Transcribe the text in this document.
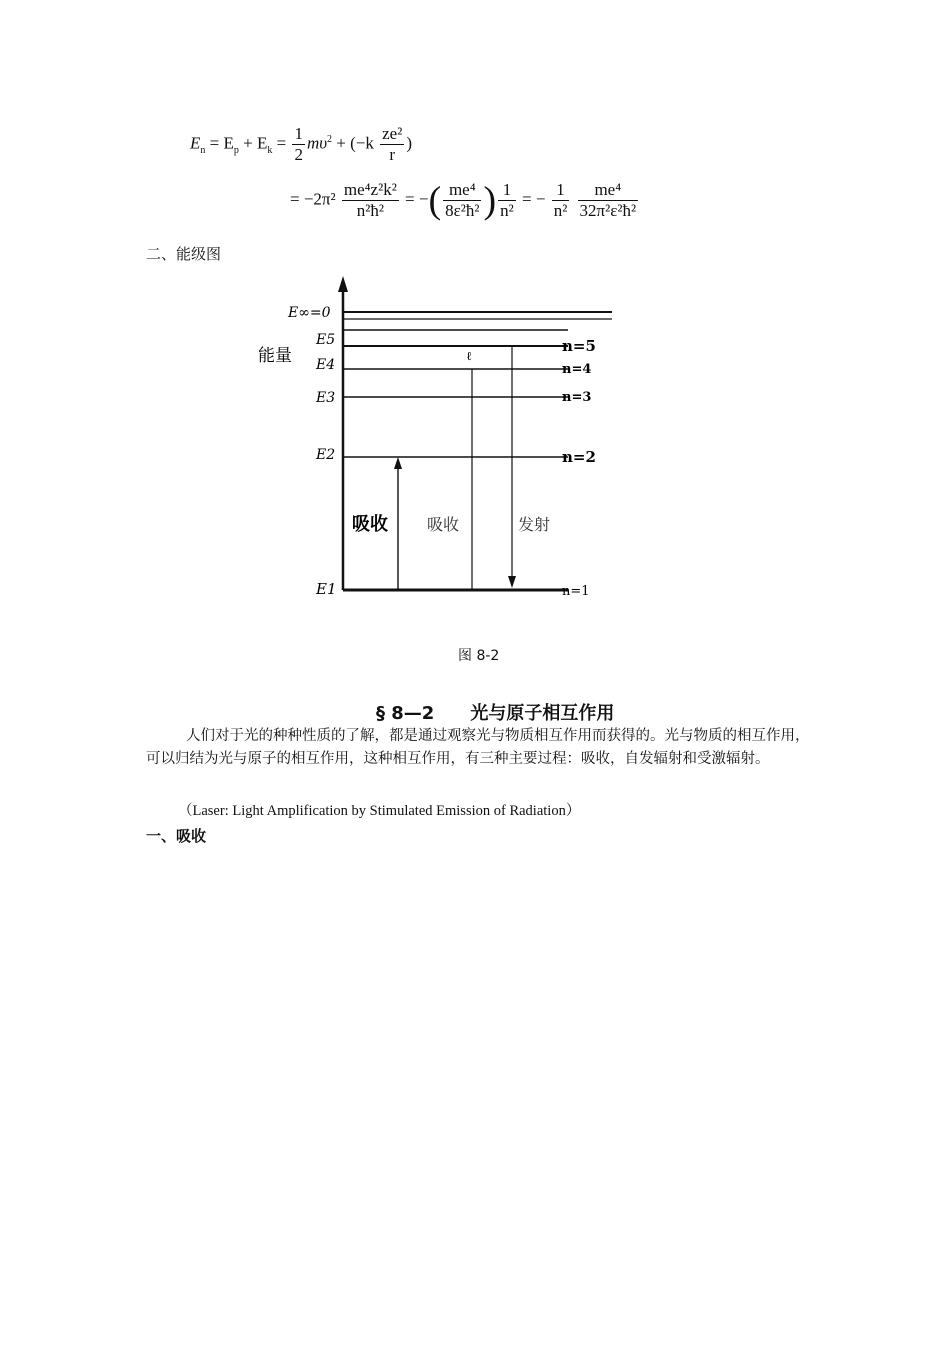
$E_n = E_p + E_k = \frac{1}{2} m\upsilon^2 + (-k \frac{\text{ze²}}{r}$ )
= $-2\pi^2 \frac{\text{me⁴z²k²}}{\text{n²ħ²}}$ = −( $\frac{\text{me⁴}}{\text{8ε²ħ²}}$ ) $\frac{1}{\text{n²}}$ = − $\frac{1}{\text{n²}}$
$\frac{\text{me⁴}}{\text{32π²ε²ħ²}}$
二、能级图
能量
E∞=0
E5
E4
E3
E2
E1
n=5
n=4
n=3
n=2
n=1
ℓ
吸收 吸收	发射
图 8-2
§ 8—2　　光与原子相互作用
人们对于光的种种性质的了解，都是通过观察光与物质相互作用而获得的。光与物质的相互作用，可以归结为光与原子的相互作用，这种相互作用，有三种主要过程：吸收，自发辐射和受激辐射。
（Laser: Light Amplification by Stimulated Emission of Radiation）
一、吸收
